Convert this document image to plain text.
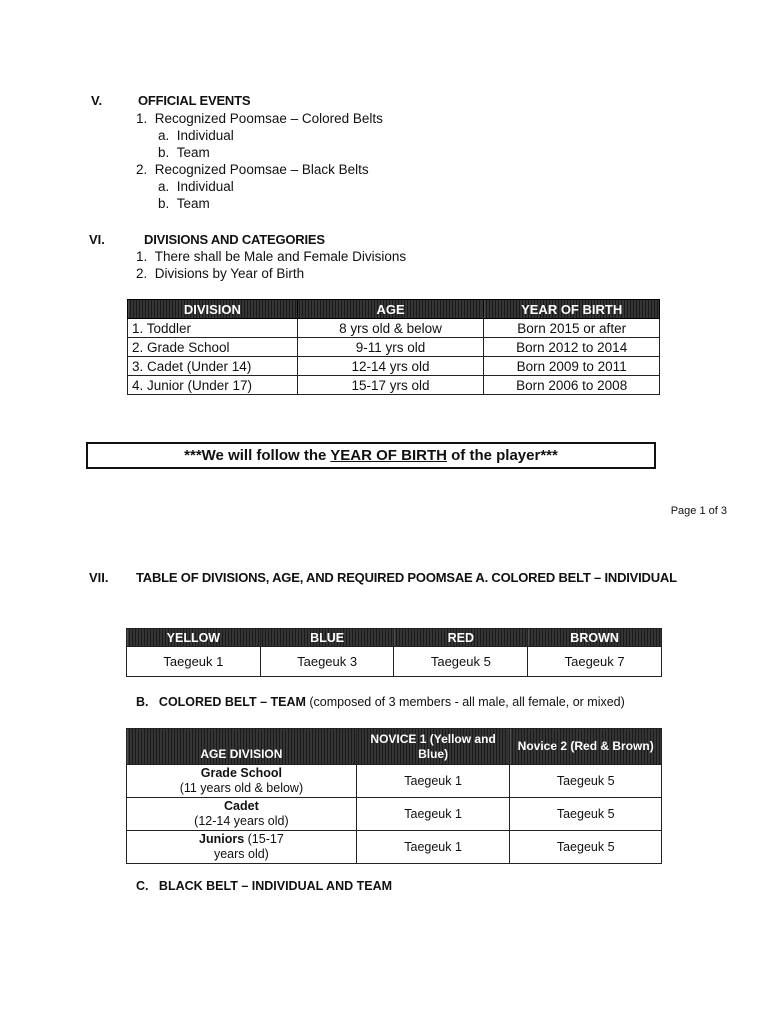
V.	OFFICIAL EVENTS
1.  Recognized Poomsae – Colored Belts
a.  Individual
b.  Team
2.  Recognized Poomsae – Black Belts
a.  Individual
b.  Team
VI.	DIVISIONS AND CATEGORIES
1.  There shall be Male and Female Divisions
2.  Divisions by Year of Birth
DIVISION	AGE	YEAR OF BIRTH
1. Toddler	8 yrs old & below	Born 2015 or after
2. Grade School	9-11 yrs old	Born 2012 to 2014
3. Cadet (Under 14)	12-14 yrs old	Born 2009 to 2011
4. Junior (Under 17)	15-17 yrs old	Born 2006 to 2008
***We will follow the YEAR OF BIRTH of the player***
Page 1 of 3
VII. TABLE OF DIVISIONS, AGE, AND REQUIRED POOMSAE A. COLORED BELT – INDIVIDUAL
YELLOW	BLUE	RED	BROWN
Taegeuk 1	Taegeuk 3	Taegeuk 5	Taegeuk 7
B. COLORED BELT – TEAM (composed of 3 members - all male, all female, or mixed)
AGE DIVISION	NOVICE 1 (Yellow and Blue)	Novice 2 (Red & Brown)
Grade School
(11 years old & below)	Taegeuk 1	Taegeuk 5
Cadet
(12-14 years old)	Taegeuk 1	Taegeuk 5
Juniors (15-17 years old)	Taegeuk 1	Taegeuk 5
C. BLACK BELT – INDIVIDUAL AND TEAM
